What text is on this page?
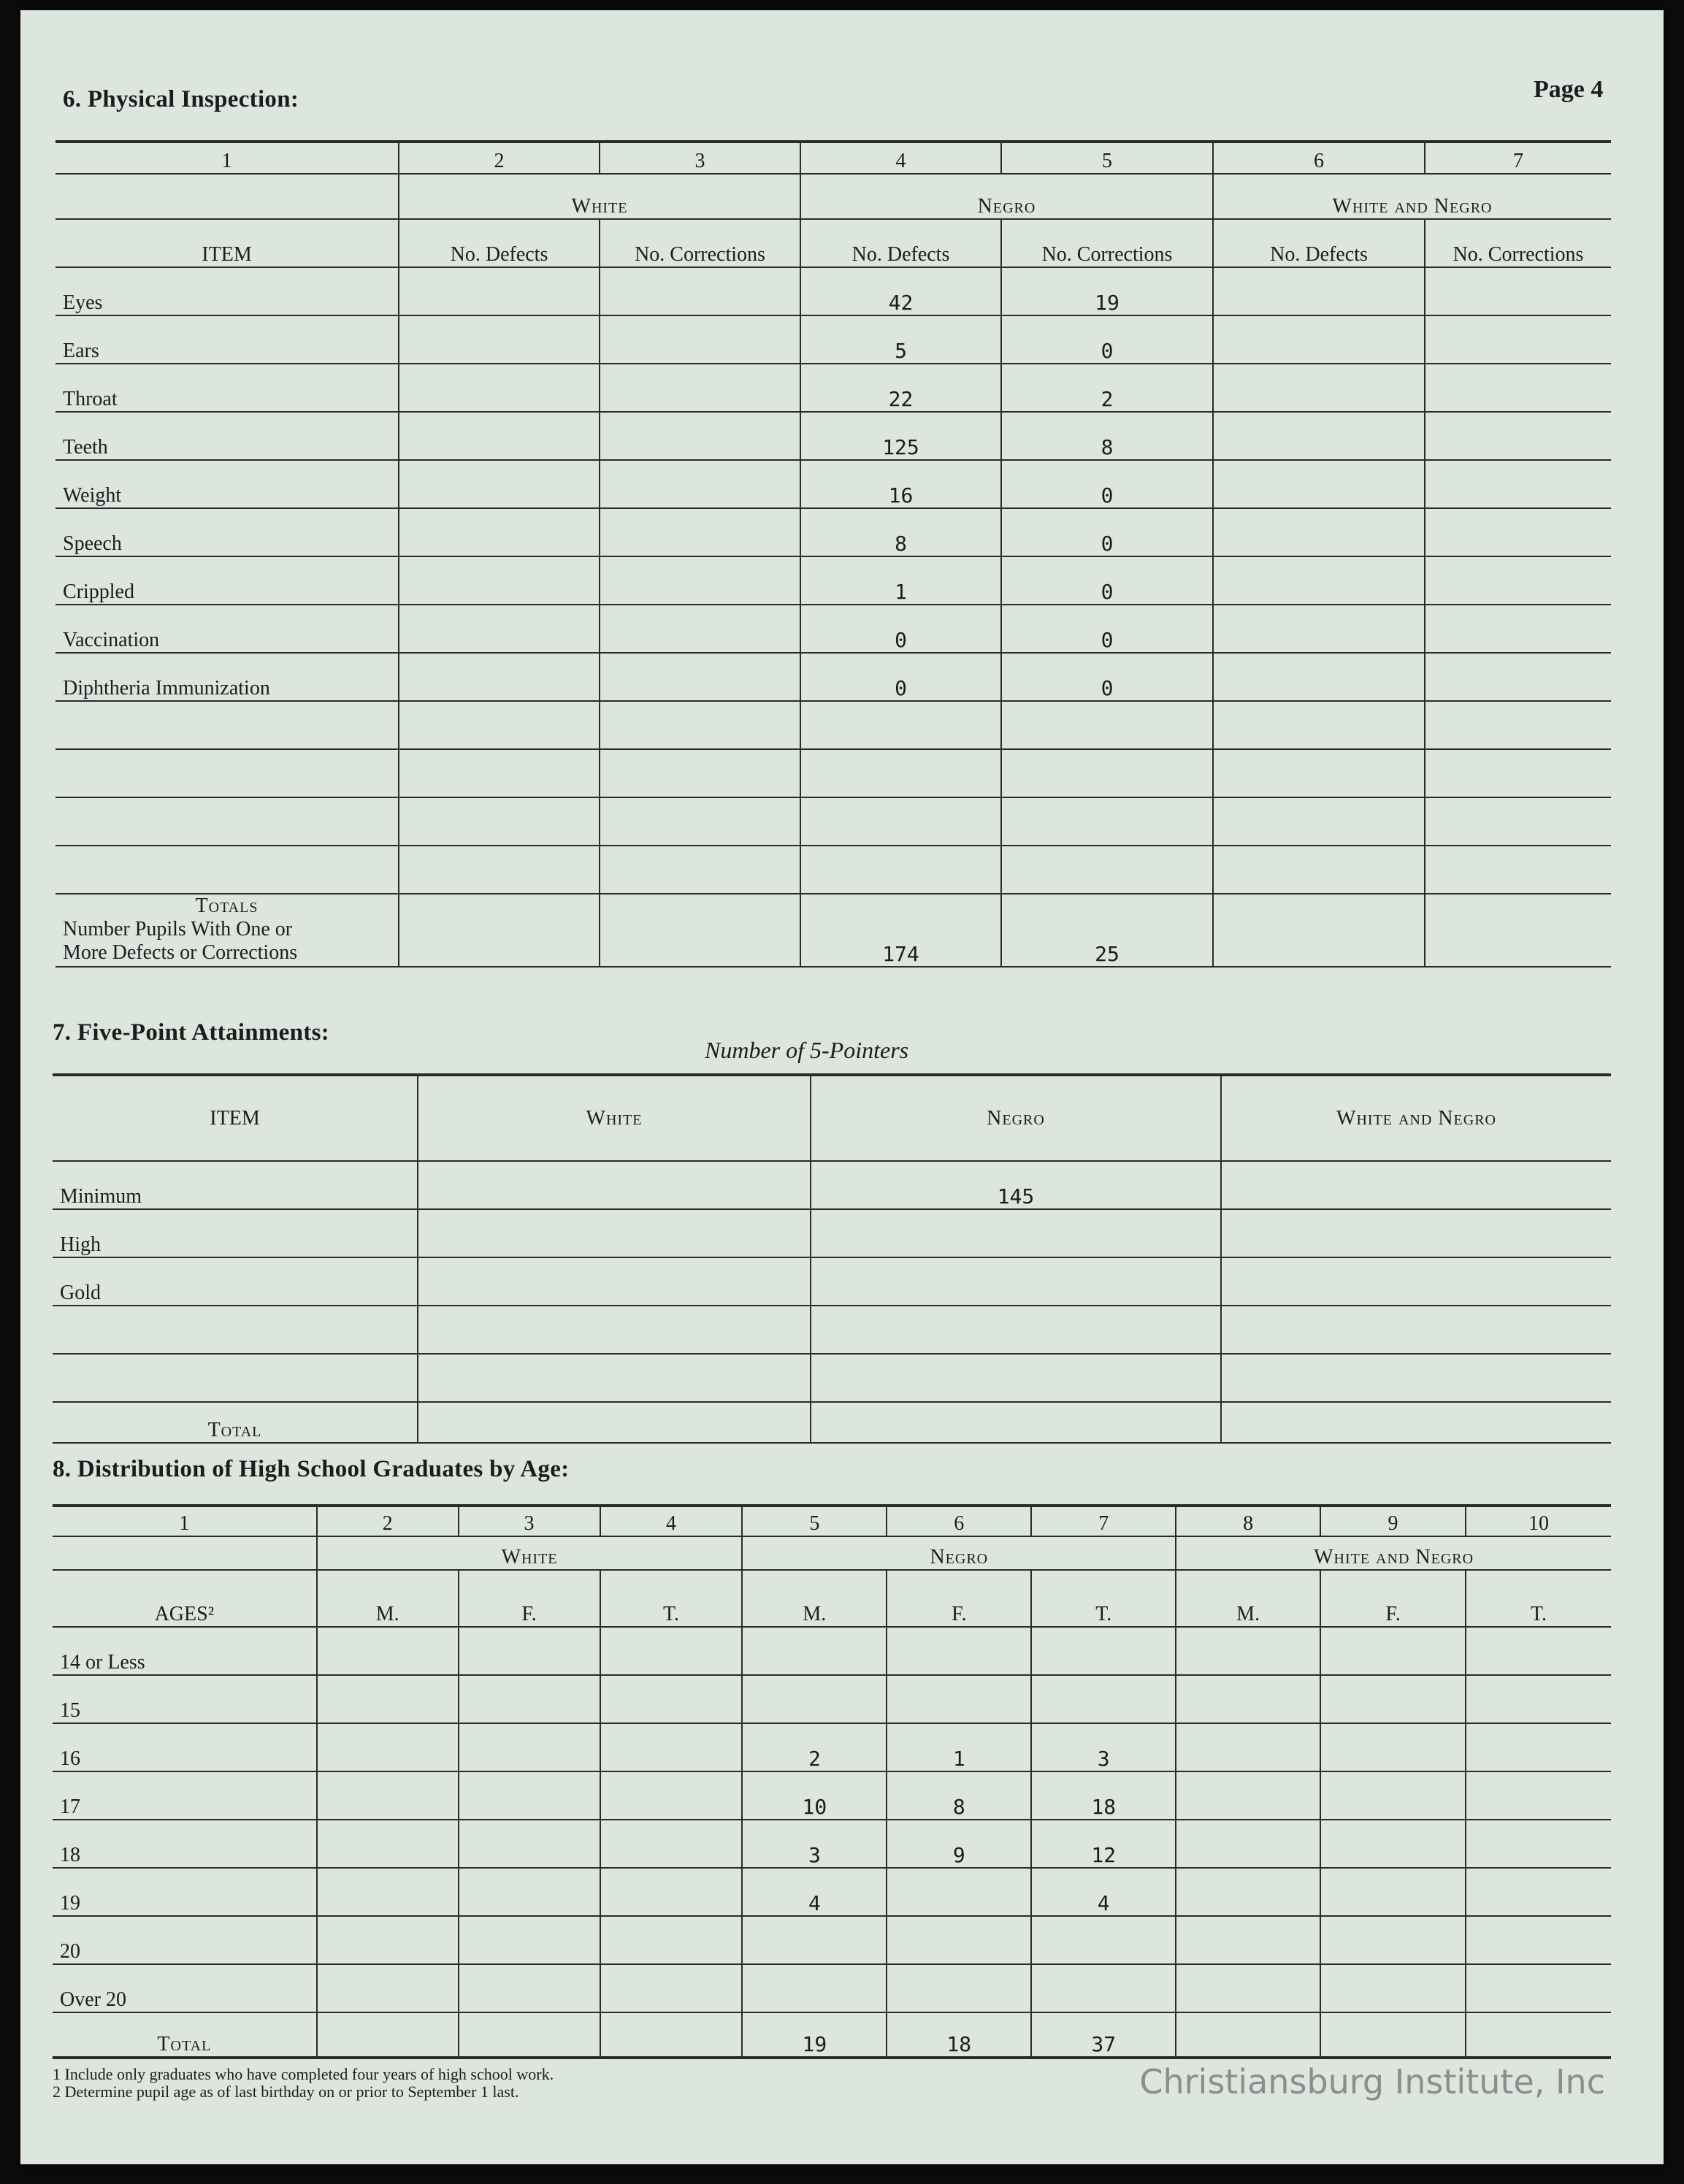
6. Physical Inspection:	Page 4
1	2	3	4	5	6	7
	White		Negro		White and Negro	
ITEM	No. Defects	No. Corrections	No. Defects	No. Corrections	No. Defects	No. Corrections
Eyes			42	19		
Ears			5	0		
Throat			22	2		
Teeth			125	8		
Weight			16	0		
Speech			8	0		
Crippled			1	0		
Vaccination			0	0		
Diphtheria Immunization			0	0		

Totals
Number Pupils With One or
More Defects or Corrections			174	25		
7. Five-Point Attainments:
Number of 5-Pointers
ITEM	White	Negro	White and Negro
Minimum		145	
High			
Gold			

Total			
8. Distribution of High School Graduates by Age:
1	2	3	4	5	6	7	8	9	10
	White			Negro			White and Negro		
AGES²	M.	F.	T.	M.	F.	T.	M.	F.	T.
14 or Less									
15									
16				2	1	3			
17				10	8	18			
18				3	9	12			
19				4		4			
20									
Over 20									
Total				19	18	37			
1 Include only graduates who have completed four years of high school work.
2 Determine pupil age as of last birthday on or prior to September 1 last.	Christiansburg Institute, Inc
